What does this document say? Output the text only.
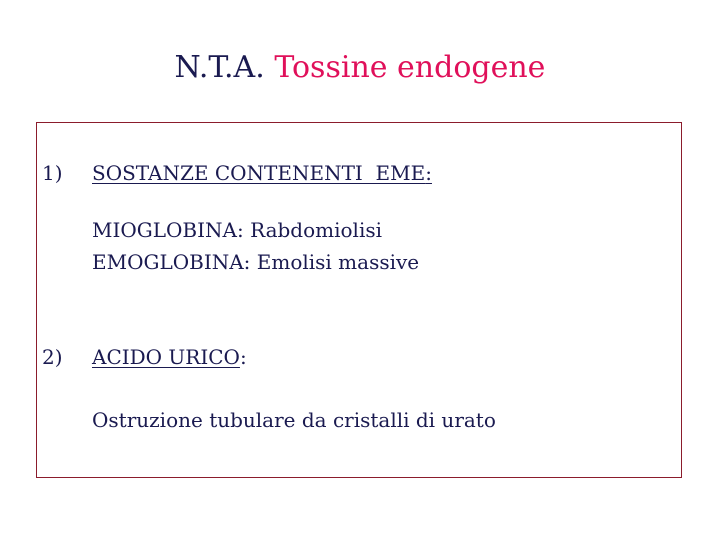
N.T.A. Tossine endogene
1) SOSTANZE CONTENENTI  EME:
MIOGLOBINA: Rabdomiolisi
EMOGLOBINA: Emolisi massive
2) ACIDO URICO:
Ostruzione tubulare da cristalli di urato
